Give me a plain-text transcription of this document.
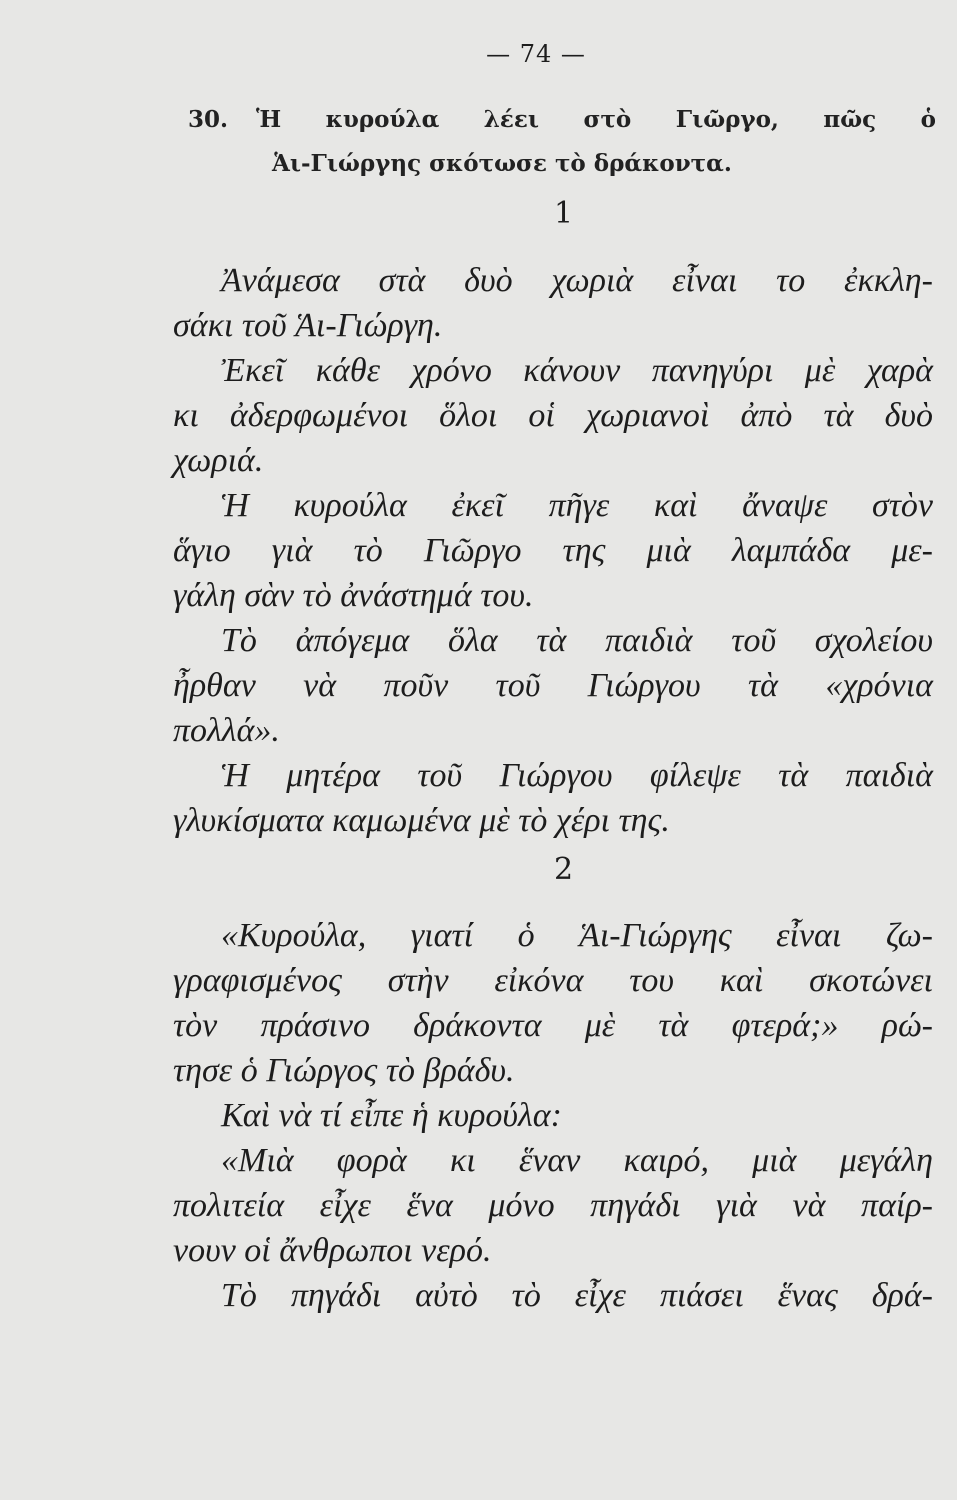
— 74 —
30. Ἡ κυρούλα λέει στὸ Γιῶργο, πῶς ὁ
Ἁι-Γιώργης σκότωσε τὸ δράκοντα.
1
Ἀνάμεσα στὰ δυὸ χωριὰ εἶναι το ἐκκλη-
σάκι τοῦ Ἁι-Γιώργη.
Ἐκεῖ κάθε χρόνο κάνουν πανηγύρι μὲ χαρὰ
κι ἀδερφωμένοι ὅλοι οἱ χωριανοὶ ἀπὸ τὰ δυὸ
χωριά.
Ἡ κυρούλα ἐκεῖ πῆγε καὶ ἄναψε στὸν
ἅγιο γιὰ τὸ Γιῶργο της μιὰ λαμπάδα με-
γάλη σὰν τὸ ἀνάστημά του.
Τὸ ἀπόγεμα ὅλα τὰ παιδιὰ τοῦ σχολείου
ἦρθαν νὰ ποῦν τοῦ Γιώργου τὰ «χρόνια
πολλά».
Ἡ μητέρα τοῦ Γιώργου φίλεψε τὰ παιδιὰ
γλυκίσματα καμωμένα μὲ τὸ χέρι της.
2
«Κυρούλα, γιατί ὁ Ἁι-Γιώργης εἶναι ζω-
γραφισμένος στὴν εἰκόνα του καὶ σκοτώνει
τὸν πράσινο δράκοντα μὲ τὰ φτερά;» ρώ-
τησε ὁ Γιώργος τὸ βράδυ.
Καὶ νὰ τί εἶπε ἡ κυρούλα:
«Μιὰ φορὰ κι ἕναν καιρό, μιὰ μεγάλη
πολιτεία εἶχε ἕνα μόνο πηγάδι γιὰ νὰ παίρ-
νουν οἱ ἄνθρωποι νερό.
Τὸ πηγάδι αὐτὸ τὸ εἶχε πιάσει ἕνας δρά-
